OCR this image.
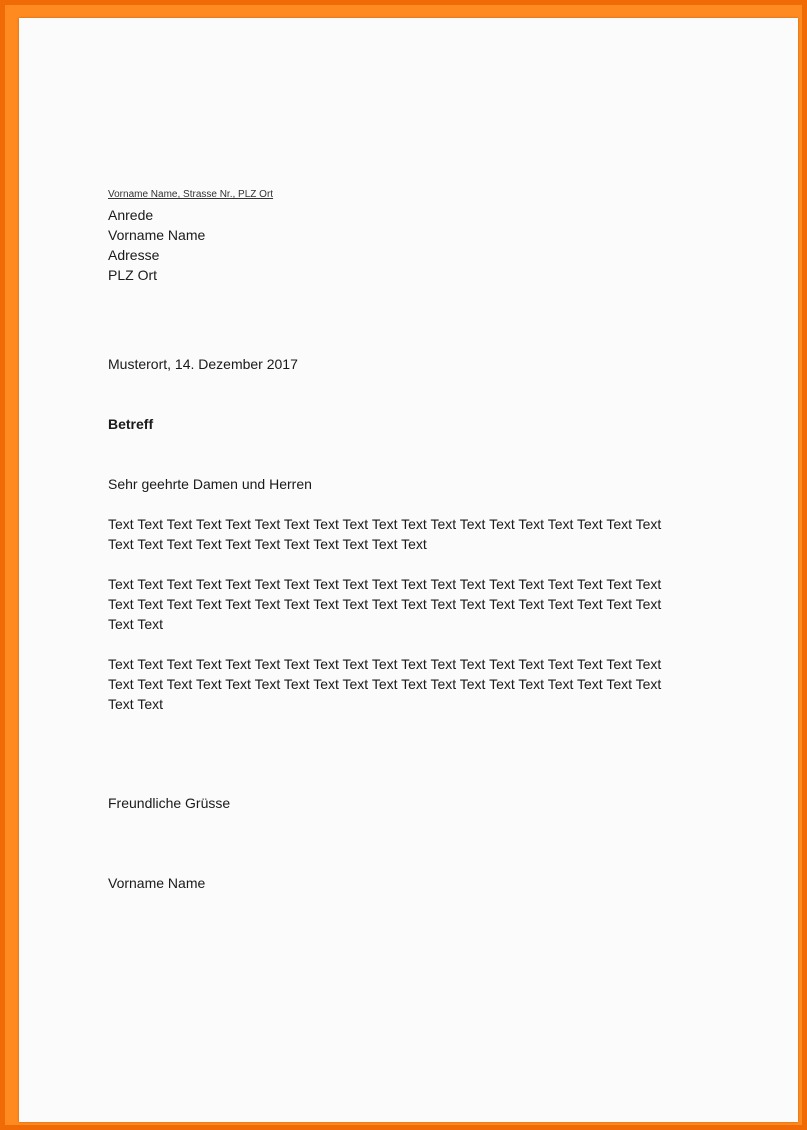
Vorname Name, Strasse Nr., PLZ Ort
Anrede
Vorname Name
Adresse
PLZ Ort
Musterort, 14. Dezember 2017
Betreff
Sehr geehrte Damen und Herren
Text Text Text Text Text Text Text Text Text Text Text Text Text Text Text Text Text Text Text
Text Text Text Text Text Text Text Text Text Text Text
Text Text Text Text Text Text Text Text Text Text Text Text Text Text Text Text Text Text Text
Text Text Text Text Text Text Text Text Text Text Text Text Text Text Text Text Text Text Text
Text Text
Text Text Text Text Text Text Text Text Text Text Text Text Text Text Text Text Text Text Text
Text Text Text Text Text Text Text Text Text Text Text Text Text Text Text Text Text Text Text
Text Text
Freundliche Grüsse
Vorname Name
